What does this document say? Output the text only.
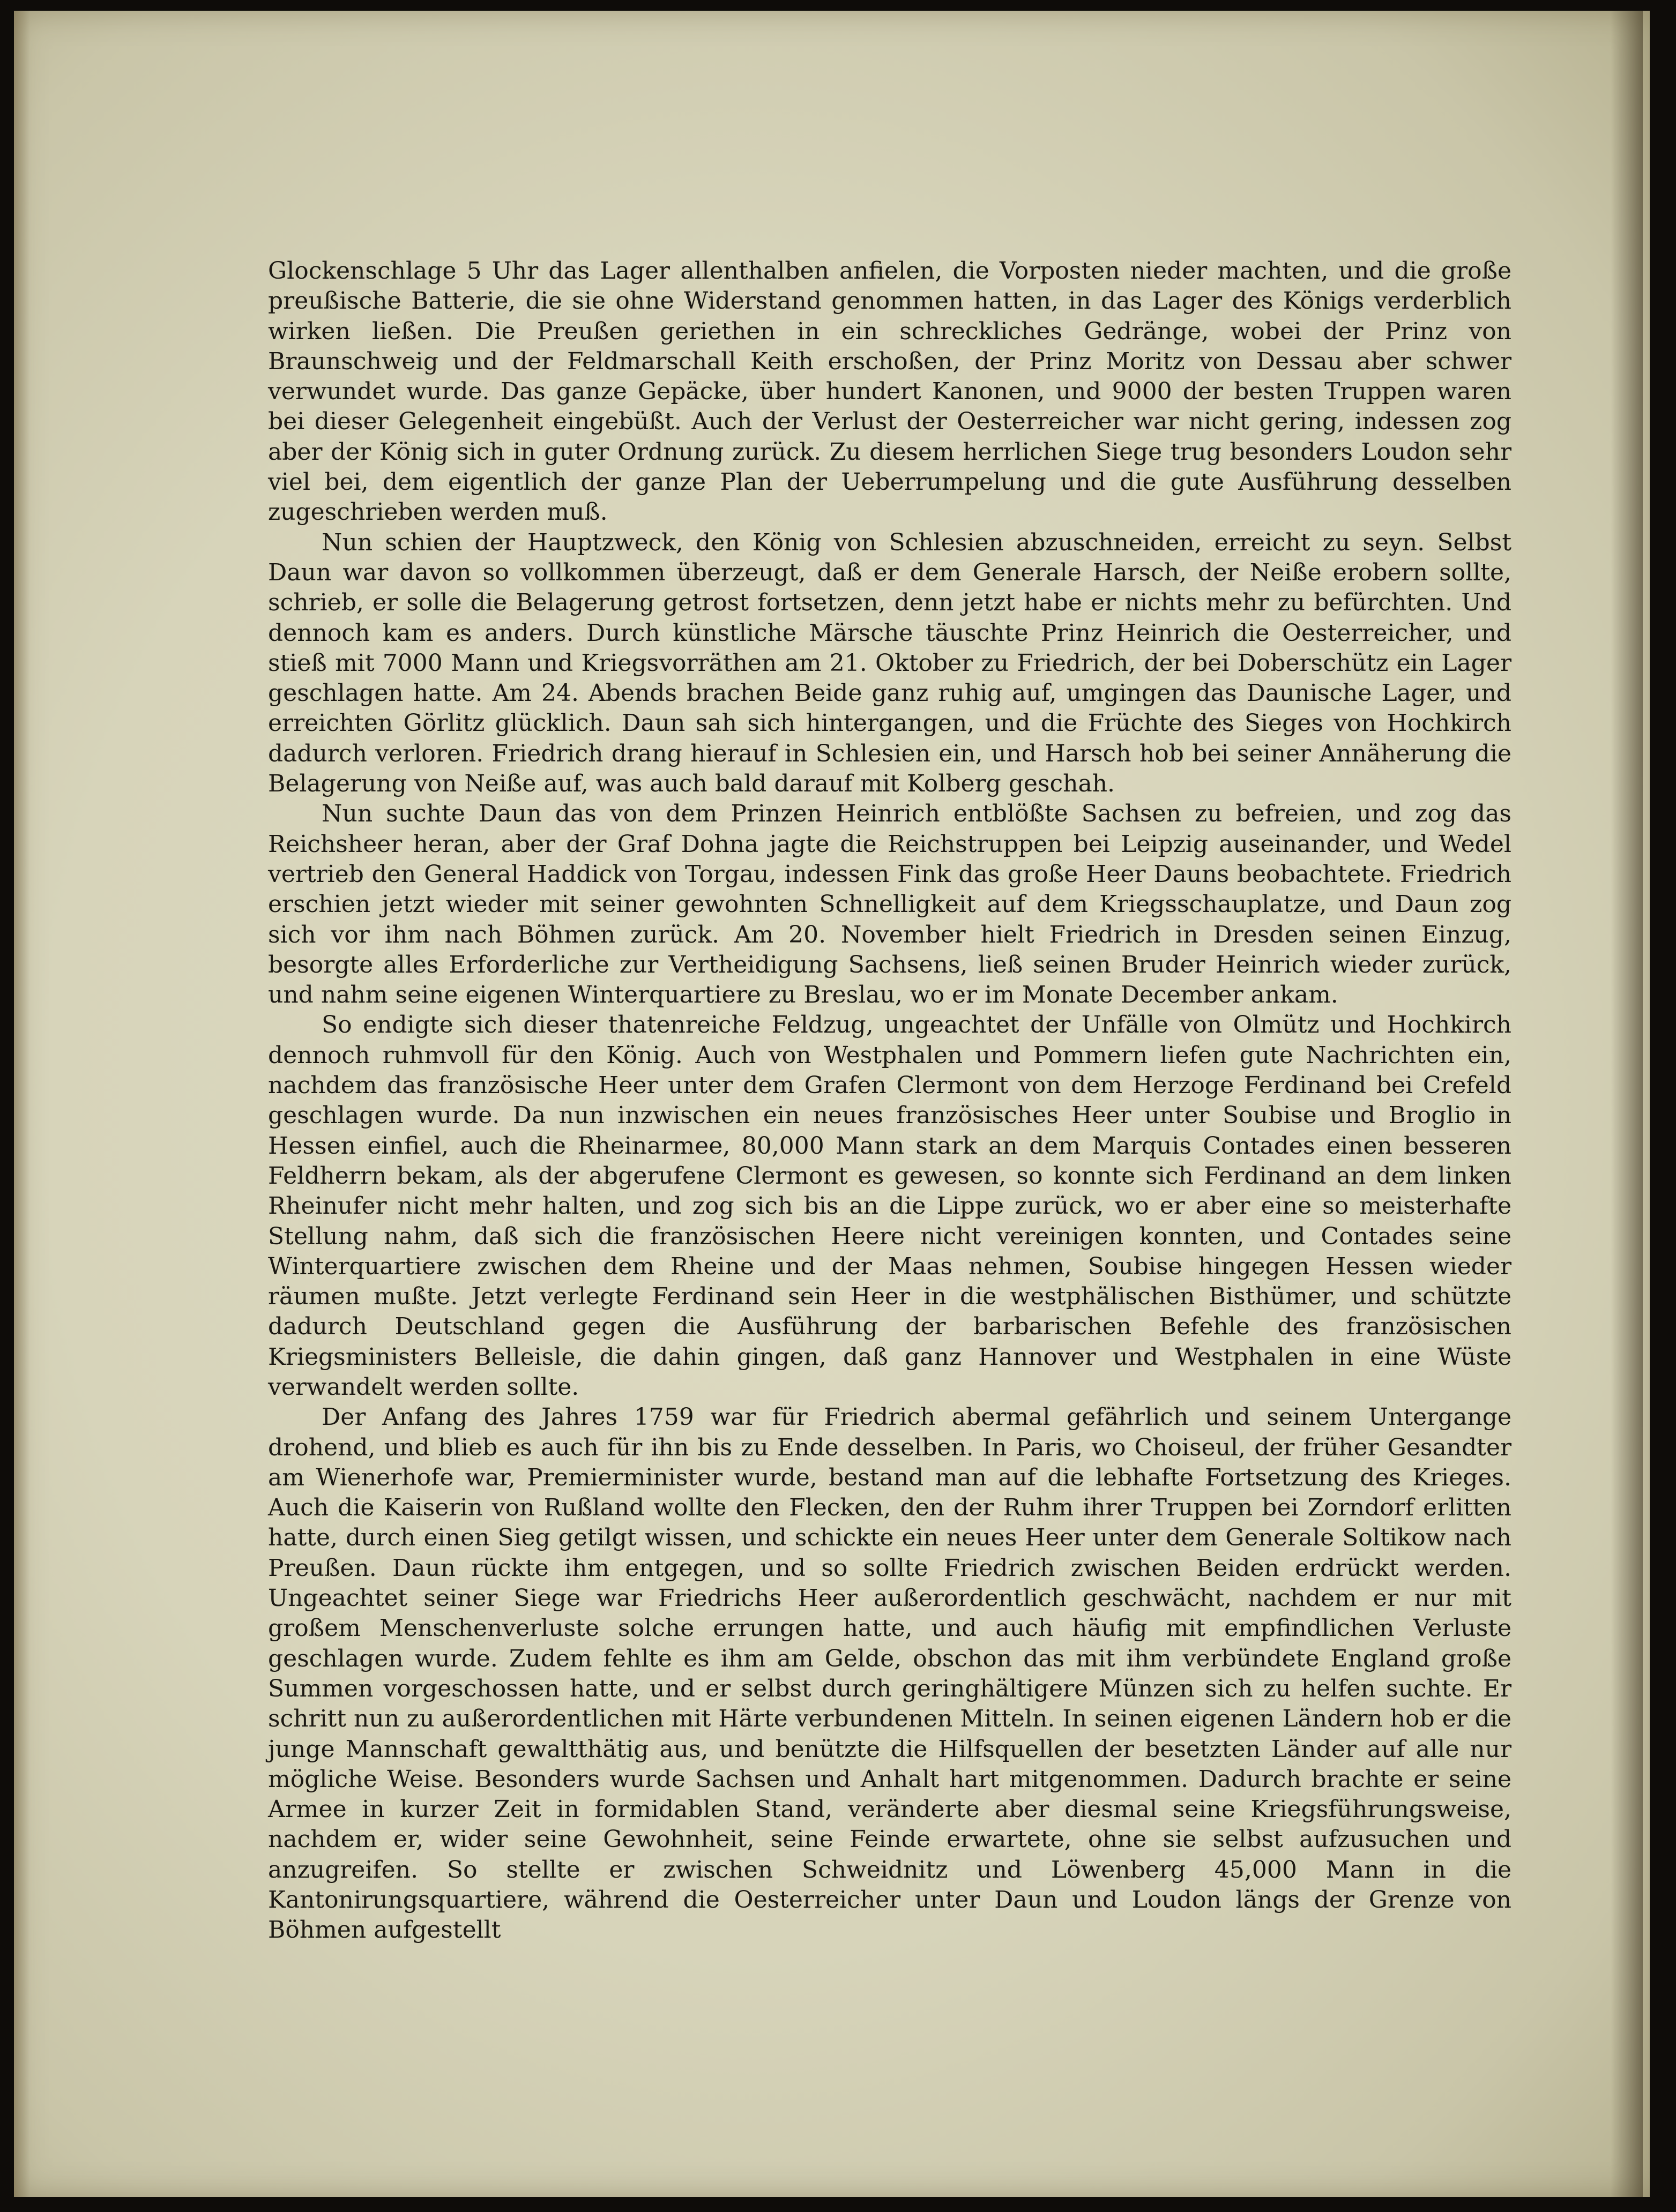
Glockenschlage 5 Uhr das Lager allenthalben anfielen, die Vorposten nieder machten, und die große preußische Batterie, die sie ohne Widerstand genommen hatten, in das Lager des Königs verderblich wirken ließen. Die Preußen geriethen in ein schreckliches Gedränge, wobei der Prinz von Braunschweig und der Feldmarschall Keith erschoßen, der Prinz Moritz von Dessau aber schwer verwundet wurde. Das ganze Gepäcke, über hundert Kanonen, und 9000 der besten Truppen waren bei dieser Gelegenheit eingebüßt. Auch der Verlust der Oesterreicher war nicht gering, indessen zog aber der König sich in guter Ordnung zurück. Zu diesem herrlichen Siege trug besonders Loudon sehr viel bei, dem eigentlich der ganze Plan der Ueberrumpelung und die gute Ausführung desselben zugeschrieben werden muß.

Nun schien der Hauptzweck, den König von Schlesien abzuschneiden, erreicht zu seyn. Selbst Daun war davon so vollkommen überzeugt, daß er dem Generale Harsch, der Neiße erobern sollte, schrieb, er solle die Belagerung getrost fortsetzen, denn jetzt habe er nichts mehr zu befürchten. Und dennoch kam es anders. Durch künstliche Märsche täuschte Prinz Heinrich die Oesterreicher, und stieß mit 7000 Mann und Kriegsvorräthen am 21. Oktober zu Friedrich, der bei Doberschütz ein Lager geschlagen hatte. Am 24. Abends brachen Beide ganz ruhig auf, umgingen das Daunische Lager, und erreichten Görlitz glücklich. Daun sah sich hintergangen, und die Früchte des Sieges von Hochkirch dadurch verloren. Friedrich drang hierauf in Schlesien ein, und Harsch hob bei seiner Annäherung die Belagerung von Neiße auf, was auch bald darauf mit Kolberg geschah.

Nun suchte Daun das von dem Prinzen Heinrich entblößte Sachsen zu befreien, und zog das Reichsheer heran, aber der Graf Dohna jagte die Reichstruppen bei Leipzig auseinander, und Wedel vertrieb den General Haddick von Torgau, indessen Fink das große Heer Dauns beobachtete. Friedrich erschien jetzt wieder mit seiner gewohnten Schnelligkeit auf dem Kriegsschauplatze, und Daun zog sich vor ihm nach Böhmen zurück. Am 20. November hielt Friedrich in Dresden seinen Einzug, besorgte alles Erforderliche zur Vertheidigung Sachsens, ließ seinen Bruder Heinrich wieder zurück, und nahm seine eigenen Winterquartiere zu Breslau, wo er im Monate December ankam.

So endigte sich dieser thatenreiche Feldzug, ungeachtet der Unfälle von Olmütz und Hochkirch dennoch ruhmvoll für den König. Auch von Westphalen und Pommern liefen gute Nachrichten ein, nachdem das französische Heer unter dem Grafen Clermont von dem Herzoge Ferdinand bei Crefeld geschlagen wurde. Da nun inzwischen ein neues französisches Heer unter Soubise und Broglio in Hessen einfiel, auch die Rheinarmee, 80,000 Mann stark an dem Marquis Contades einen besseren Feldherrn bekam, als der abgerufene Clermont es gewesen, so konnte sich Ferdinand an dem linken Rheinufer nicht mehr halten, und zog sich bis an die Lippe zurück, wo er aber eine so meisterhafte Stellung nahm, daß sich die französischen Heere nicht vereinigen konnten, und Contades seine Winterquartiere zwischen dem Rheine und der Maas nehmen, Soubise hingegen Hessen wieder räumen mußte. Jetzt verlegte Ferdinand sein Heer in die westphälischen Bisthümer, und schützte dadurch Deutschland gegen die Ausführung der barbarischen Befehle des französischen Kriegsministers Belleisle, die dahin gingen, daß ganz Hannover und Westphalen in eine Wüste verwandelt werden sollte.

Der Anfang des Jahres 1759 war für Friedrich abermal gefährlich und seinem Untergange drohend, und blieb es auch für ihn bis zu Ende desselben. In Paris, wo Choiseul, der früher Gesandter am Wienerhofe war, Premierminister wurde, bestand man auf die lebhafte Fortsetzung des Krieges. Auch die Kaiserin von Rußland wollte den Flecken, den der Ruhm ihrer Truppen bei Zorndorf erlitten hatte, durch einen Sieg getilgt wissen, und schickte ein neues Heer unter dem Generale Soltikow nach Preußen. Daun rückte ihm entgegen, und so sollte Friedrich zwischen Beiden erdrückt werden. Ungeachtet seiner Siege war Friedrichs Heer außerordentlich geschwächt, nachdem er nur mit großem Menschenverluste solche errungen hatte, und auch häufig mit empfindlichen Verluste geschlagen wurde. Zudem fehlte es ihm am Gelde, obschon das mit ihm verbündete England große Summen vorgeschossen hatte, und er selbst durch geringhältigere Münzen sich zu helfen suchte. Er schritt nun zu außerordentlichen mit Härte verbundenen Mitteln. In seinen eigenen Ländern hob er die junge Mannschaft gewaltthätig aus, und benützte die Hilfsquellen der besetzten Länder auf alle nur mögliche Weise. Besonders wurde Sachsen und Anhalt hart mitgenommen. Dadurch brachte er seine Armee in kurzer Zeit in formidablen Stand, veränderte aber diesmal seine Kriegsführungsweise, nachdem er, wider seine Gewohnheit, seine Feinde erwartete, ohne sie selbst aufzusuchen und anzugreifen. So stellte er zwischen Schweidnitz und Löwenberg 45,000 Mann in die Kantonirungsquartiere, während die Oesterreicher unter Daun und Loudon längs der Grenze von Böhmen aufgestellt
